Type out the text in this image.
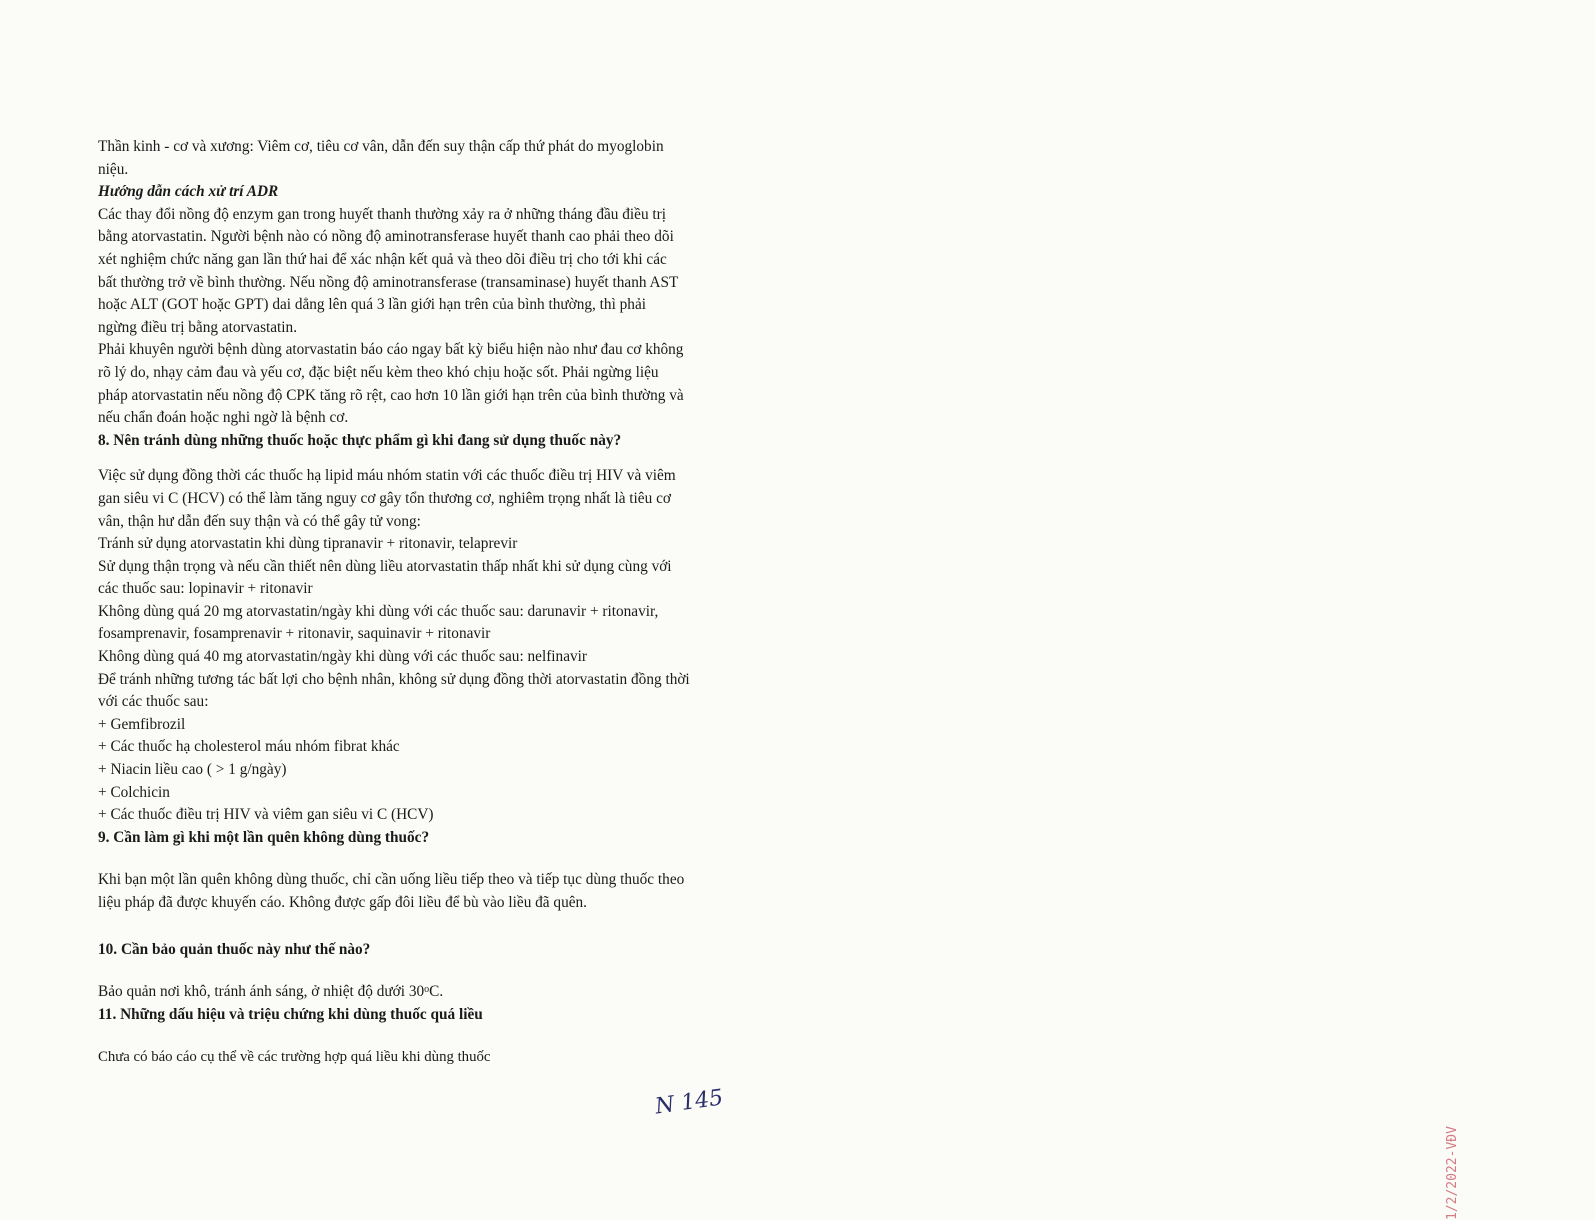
Thần kinh - cơ và xương: Viêm cơ, tiêu cơ vân, dẫn đến suy thận cấp thứ phát do myoglobin
niệu.
Hướng dẫn cách xử trí ADR
Các thay đổi nồng độ enzym gan trong huyết thanh thường xảy ra ở những tháng đầu điều trị
bằng atorvastatin. Người bệnh nào có nồng độ aminotransferase huyết thanh cao phải theo dõi
xét nghiệm chức năng gan lần thứ hai để xác nhận kết quả và theo dõi điều trị cho tới khi các
bất thường trở về bình thường. Nếu nồng độ aminotransferase (transaminase) huyết thanh AST
hoặc ALT (GOT hoặc GPT) dai dẳng lên quá 3 lần giới hạn trên của bình thường, thì phải
ngừng điều trị bằng atorvastatin.
Phải khuyên người bệnh dùng atorvastatin báo cáo ngay bất kỳ biểu hiện nào như đau cơ không
rõ lý do, nhạy cảm đau và yếu cơ, đặc biệt nếu kèm theo khó chịu hoặc sốt. Phải ngừng liệu
pháp atorvastatin nếu nồng độ CPK tăng rõ rệt, cao hơn 10 lần giới hạn trên của bình thường và
nếu chẩn đoán hoặc nghi ngờ là bệnh cơ.
8. Nên tránh dùng những thuốc hoặc thực phẩm gì khi đang sử dụng thuốc này?
Việc sử dụng đồng thời các thuốc hạ lipid máu nhóm statin với các thuốc điều trị HIV và viêm
gan siêu vi C (HCV) có thể làm tăng nguy cơ gây tổn thương cơ, nghiêm trọng nhất là tiêu cơ
vân, thận hư dẫn đến suy thận và có thể gây tử vong:
Tránh sử dụng atorvastatin khi dùng tipranavir + ritonavir, telaprevir
Sử dụng thận trọng và nếu cần thiết nên dùng liều atorvastatin thấp nhất khi sử dụng cùng với
các thuốc sau: lopinavir + ritonavir
Không dùng quá 20 mg atorvastatin/ngày khi dùng với các thuốc sau: darunavir + ritonavir,
fosamprenavir, fosamprenavir + ritonavir, saquinavir + ritonavir
Không dùng quá 40 mg atorvastatin/ngày khi dùng với các thuốc sau: nelfinavir
Để tránh những tương tác bất lợi cho bệnh nhân, không sử dụng đồng thời atorvastatin đồng thời
với các thuốc sau:
+ Gemfibrozil
+ Các thuốc hạ cholesterol máu nhóm fibrat khác
+ Niacin liều cao ( > 1 g/ngày)
+ Colchicin
+ Các thuốc điều trị HIV và viêm gan siêu vi C (HCV)
9. Cần làm gì khi một lần quên không dùng thuốc?
Khi bạn một lần quên không dùng thuốc, chỉ cần uống liều tiếp theo và tiếp tục dùng thuốc theo
liệu pháp đã được khuyến cáo. Không được gấp đôi liều để bù vào liều đã quên.
10. Cần bảo quản thuốc này như thế nào?
Bảo quản nơi khô, tránh ánh sáng, ở nhiệt độ dưới 30$^o$C.
11. Những dấu hiệu và triệu chứng khi dùng thuốc quá liều
Chưa có báo cáo cụ thể về các trường hợp quá liều khi dùng thuốc
1/2/2022-VĐV
N 145
